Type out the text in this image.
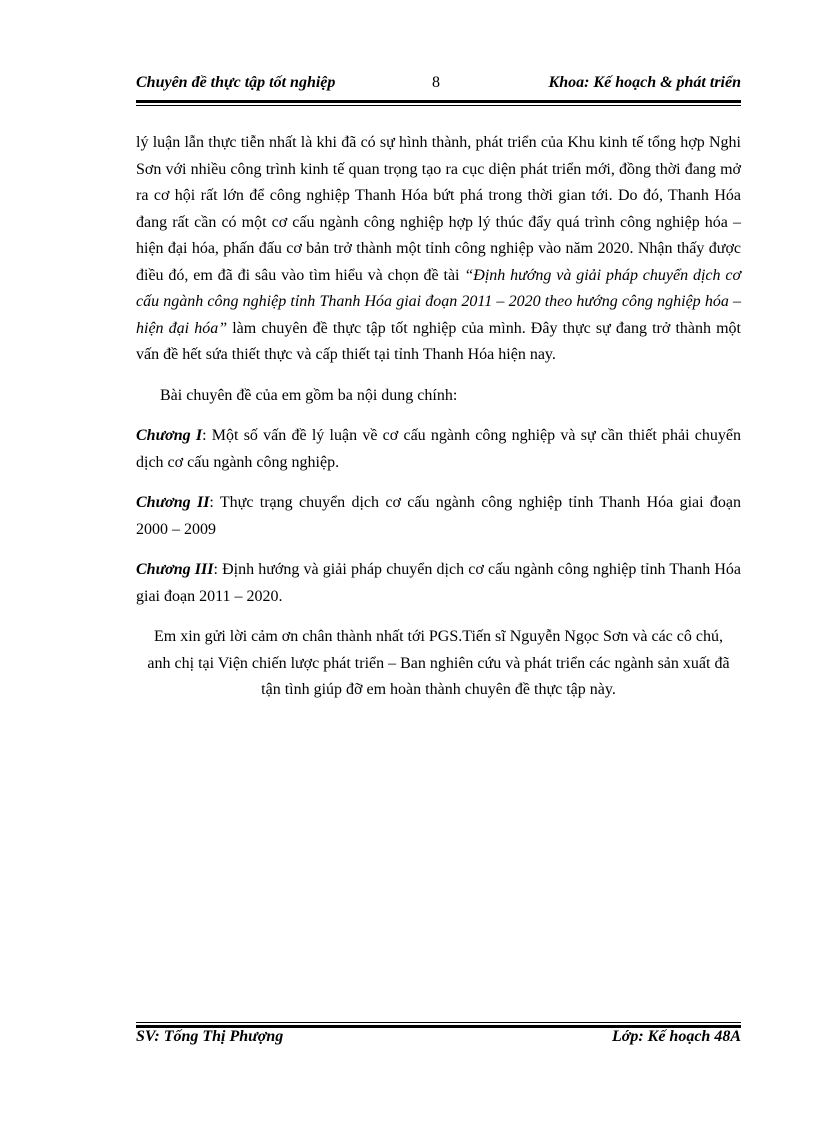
Chuyên đề thực tập tốt nghiệp	8	Khoa: Kế hoạch & phát triển

lý luận lẫn thực tiễn nhất là khi đã có sự hình thành, phát triển của Khu kinh tế tổng hợp Nghi Sơn với nhiều công trình kinh tế quan trọng tạo ra cục diện phát triển mới, đồng thời đang mở ra cơ hội rất lớn để công nghiệp Thanh Hóa bứt phá trong thời gian tới. Do đó, Thanh Hóa đang rất cần có một cơ cấu ngành công nghiệp hợp lý thúc đẩy quá trình công nghiệp hóa – hiện đại hóa, phấn đấu cơ bản trở thành một tỉnh công nghiệp vào năm 2020. Nhận thấy được điều đó, em đã đi sâu vào tìm hiểu và chọn đề tài “Định hướng và giải pháp chuyển dịch cơ cấu ngành công nghiệp tỉnh Thanh Hóa giai đoạn 2011 – 2020 theo hướng công nghiệp hóa – hiện đại hóa” làm chuyên đề thực tập tốt nghiệp của mình. Đây thực sự đang trở thành một vấn đề hết sứa thiết thực và cấp thiết tại tỉnh Thanh Hóa hiện nay.

Bài chuyên đề của em gồm ba nội dung chính:

Chương I: Một số vấn đề lý luận về cơ cấu ngành công nghiệp và sự cần thiết phải chuyển dịch cơ cấu ngành công nghiệp.

Chương II: Thực trạng chuyển dịch cơ cấu ngành công nghiệp tỉnh Thanh Hóa giai đoạn 2000 – 2009

Chương III: Định hướng và giải pháp chuyển dịch cơ cấu ngành công nghiệp tỉnh Thanh Hóa giai đoạn 2011 – 2020.

Em xin gửi lời cảm ơn chân thành nhất tới PGS.Tiến sĩ Nguyễn Ngọc Sơn và các cô chú, anh chị tại Viện chiến lược phát triển – Ban nghiên cứu và phát triển các ngành sản xuất đã tận tình giúp đỡ em hoàn thành chuyên đề thực tập này.

SV: Tống Thị Phượng	Lớp: Kế hoạch 48A
